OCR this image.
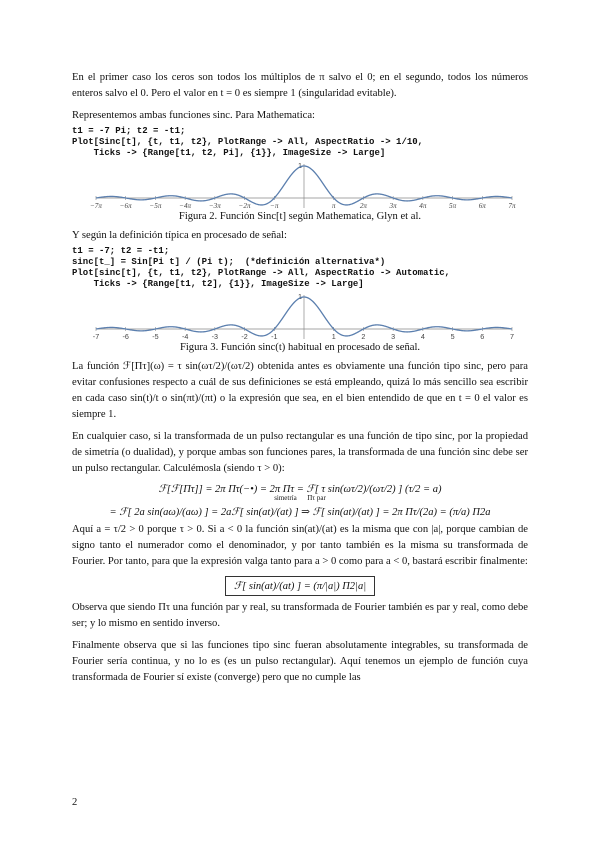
En el primer caso los ceros son todos los múltiplos de π salvo el 0; en el segundo, todos los números enteros salvo el 0. Pero el valor en t = 0 es siempre 1 (singularidad evitable).

Representemos ambas funciones sinc. Para Mathematica:

t1 = -7 Pi; t2 = -t1;
Plot[Sinc[t], {t, t1, t2}, PlotRange -> All, AspectRatio -> 1/10,
Ticks -> {Range[t1, t2, Pi], {1}}, ImageSize -> Large]
1
−7π −6π −5π −4π −3π −2π	−π	π	2π	3π	4π	5π	6π	7π
Figura 2. Función Sinc[t] según Mathematica, Glyn et al.

Y según la definición típica en procesado de señal:

t1 = -7; t2 = -t1;
sinc[t_] = Sin[Pi t] / (Pi t);  (*definición alternativa*)
Plot[sinc[t], {t, t1, t2}, PlotRange -> All, AspectRatio -> Automatic,
Ticks -> {Range[t1, t2], {1}}, ImageSize -> Large]
1
-7	-6	-5	-4	-3	-2	-1	1	2	3	4	5	6	7
Figura 3. Función sinc(t) habitual en procesado de señal.

La función ℱ[Πτ](ω) = τ sin(ωτ/2)/(ωτ/2) obtenida antes es obviamente una función tipo sinc, pero para evitar confusiones respecto a cuál de sus definiciones se está empleando, quizá lo más sencillo sea escribir en cada caso sin(t)/t o sin(πt)/(πt) o la expresión que sea, en el bien entendido de que en t = 0 el valor es siempre 1.

En cualquier caso, si la transformada de un pulso rectangular es una función de tipo sinc, por la propiedad de simetría (o dualidad), y porque ambas son funciones pares, la transformada de una función sinc debe ser un pulso rectangular. Calculémosla (siendo τ > 0):

ℱ[ℱ[Πτ]] = 2π Πτ(−•) = 2π Πτ = ℱ[ τ sin(ωτ/2)/(ωτ/2) ] (τ/2 = a)
simetría Πτ par
= ℱ[ 2a sin(aω)/(aω) ] = 2aℱ[ sin(at)/(at) ] ⇒ ℱ[ sin(at)/(at) ] = 2π Πτ/(2a) = (π/a) Π2a

Aquí a = τ/2 > 0 porque τ > 0. Si a < 0 la función sin(at)/(at) es la misma que con |a|, porque cambian de signo tanto el numerador como el denominador, y por tanto también es la misma su transformada de Fourier. Por tanto, para que la expresión valga tanto para a > 0 como para a < 0, bastará escribir finalmente:

ℱ[ sin(at)/(at) ] = (π/|a|) Π2|a|

Observa que siendo Πτ una función par y real, su transformada de Fourier también es par y real, como debe ser; y lo mismo en sentido inverso.

Finalmente observa que si las funciones tipo sinc fueran absolutamente integrables, su transformada de Fourier sería continua, y no lo es (es un pulso rectangular). Aquí tenemos un ejemplo de función cuya transformada de Fourier sí existe (converge) pero que no cumple las

2
